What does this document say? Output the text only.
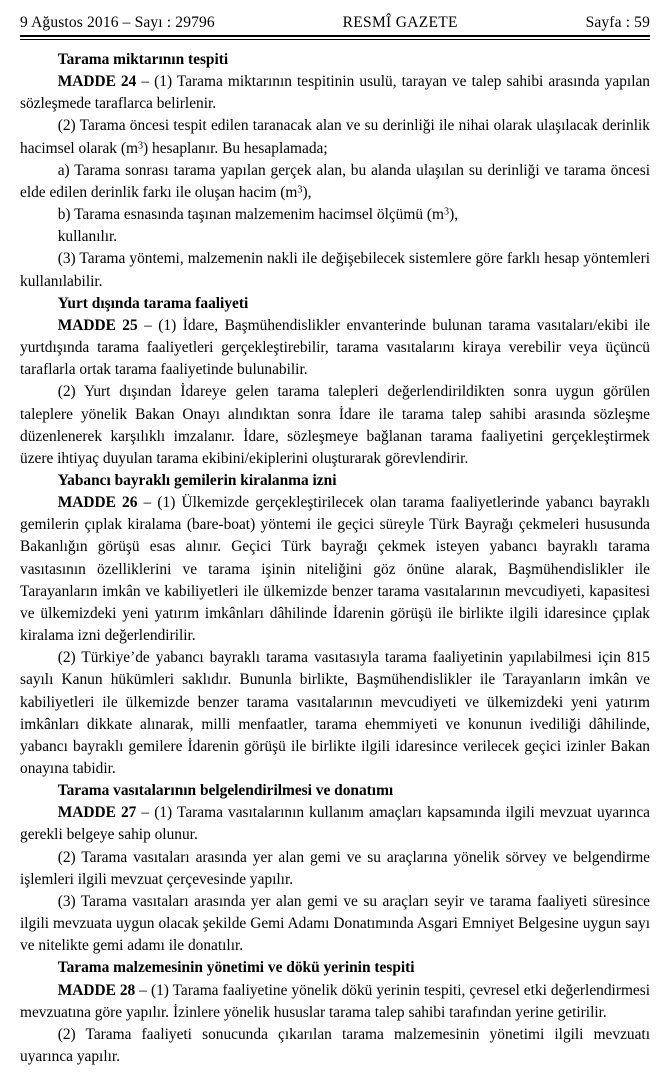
9 Ağustos 2016 – Sayı : 29796	RESMÎ GAZETE	Sayfa : 59

Tarama miktarının tespiti

MADDE 24 – (1) Tarama miktarının tespitinin usulü, tarayan ve talep sahibi arasında yapılan sözleşmede taraflarca belirlenir.

(2) Tarama öncesi tespit edilen taranacak alan ve su derinliği ile nihai olarak ulaşılacak derinlik hacimsel olarak $(m^3)$ hesaplanır. Bu hesaplamada;

a) Tarama sonrası tarama yapılan gerçek alan, bu alanda ulaşılan su derinliği ve tarama öncesi elde edilen derinlik farkı ile oluşan hacim $(m^3)$,

b) Tarama esnasında taşınan malzemenim hacimsel ölçümü $(m^3)$,

kullanılır.

(3) Tarama yöntemi, malzemenin nakli ile değişebilecek sistemlere göre farklı hesap yöntemleri kullanılabilir.

Yurt dışında tarama faaliyeti

MADDE 25 – (1) İdare, Başmühendislikler envanterinde bulunan tarama vasıtaları/ekibi ile yurtdışında tarama faaliyetleri gerçekleştirebilir, tarama vasıtalarını kiraya verebilir veya üçüncü taraflarla ortak tarama faaliyetinde bulunabilir.

(2) Yurt dışından İdareye gelen tarama talepleri değerlendirildikten sonra uygun görülen taleplere yönelik Bakan Onayı alındıktan sonra İdare ile tarama talep sahibi arasında sözleşme düzenlenerek karşılıklı imzalanır. İdare, sözleşmeye bağlanan tarama faaliyetini gerçekleştirmek üzere ihtiyaç duyulan tarama ekibini/ekiplerini oluşturarak görevlendirir.

Yabancı bayraklı gemilerin kiralanma izni

MADDE 26 – (1) Ülkemizde gerçekleştirilecek olan tarama faaliyetlerinde yabancı bayraklı gemilerin çıplak kiralama (bare-boat) yöntemi ile geçici süreyle Türk Bayrağı çekmeleri hususunda Bakanlığın görüşü esas alınır. Geçici Türk bayrağı çekmek isteyen yabancı bayraklı tarama vasıtasının özelliklerini ve tarama işinin niteliğini göz önüne alarak, Başmühendislikler ile Tarayanların imkân ve kabiliyetleri ile ülkemizde benzer tarama vasıtalarının mevcudiyeti, kapasitesi ve ülkemizdeki yeni yatırım imkânları dâhilinde İdarenin görüşü ile birlikte ilgili idaresince çıplak kiralama izni değerlendirilir.

(2) Türkiye’de yabancı bayraklı tarama vasıtasıyla tarama faaliyetinin yapılabilmesi için 815 sayılı Kanun hükümleri saklıdır. Bununla birlikte, Başmühendislikler ile Tarayanların imkân ve kabiliyetleri ile ülkemizde benzer tarama vasıtalarının mevcudiyeti ve ülkemizdeki yeni yatırım imkânları dikkate alınarak, milli menfaatler, tarama ehemmiyeti ve konunun ivediliği dâhilinde, yabancı bayraklı gemilere İdarenin görüşü ile birlikte ilgili idaresince verilecek geçici izinler Bakan onayına tabidir.

Tarama vasıtalarının belgelendirilmesi ve donatımı

MADDE 27 – (1) Tarama vasıtalarının kullanım amaçları kapsamında ilgili mevzuat uyarınca gerekli belgeye sahip olunur.

(2) Tarama vasıtaları arasında yer alan gemi ve su araçlarına yönelik sörvey ve belgendirme işlemleri ilgili mevzuat çerçevesinde yapılır.

(3) Tarama vasıtaları arasında yer alan gemi ve su araçları seyir ve tarama faaliyeti süresince ilgili mevzuata uygun olacak şekilde Gemi Adamı Donatımında Asgari Emniyet Belgesine uygun sayı ve nitelikte gemi adamı ile donatılır.

Tarama malzemesinin yönetimi ve dökü yerinin tespiti

MADDE 28 – (1) Tarama faaliyetine yönelik dökü yerinin tespiti, çevresel etki değerlendirmesi mevzuatına göre yapılır. İzinlere yönelik hususlar tarama talep sahibi tarafından yerine getirilir.

(2) Tarama faaliyeti sonucunda çıkarılan tarama malzemesinin yönetimi ilgili mevzuatı uyarınca yapılır.
